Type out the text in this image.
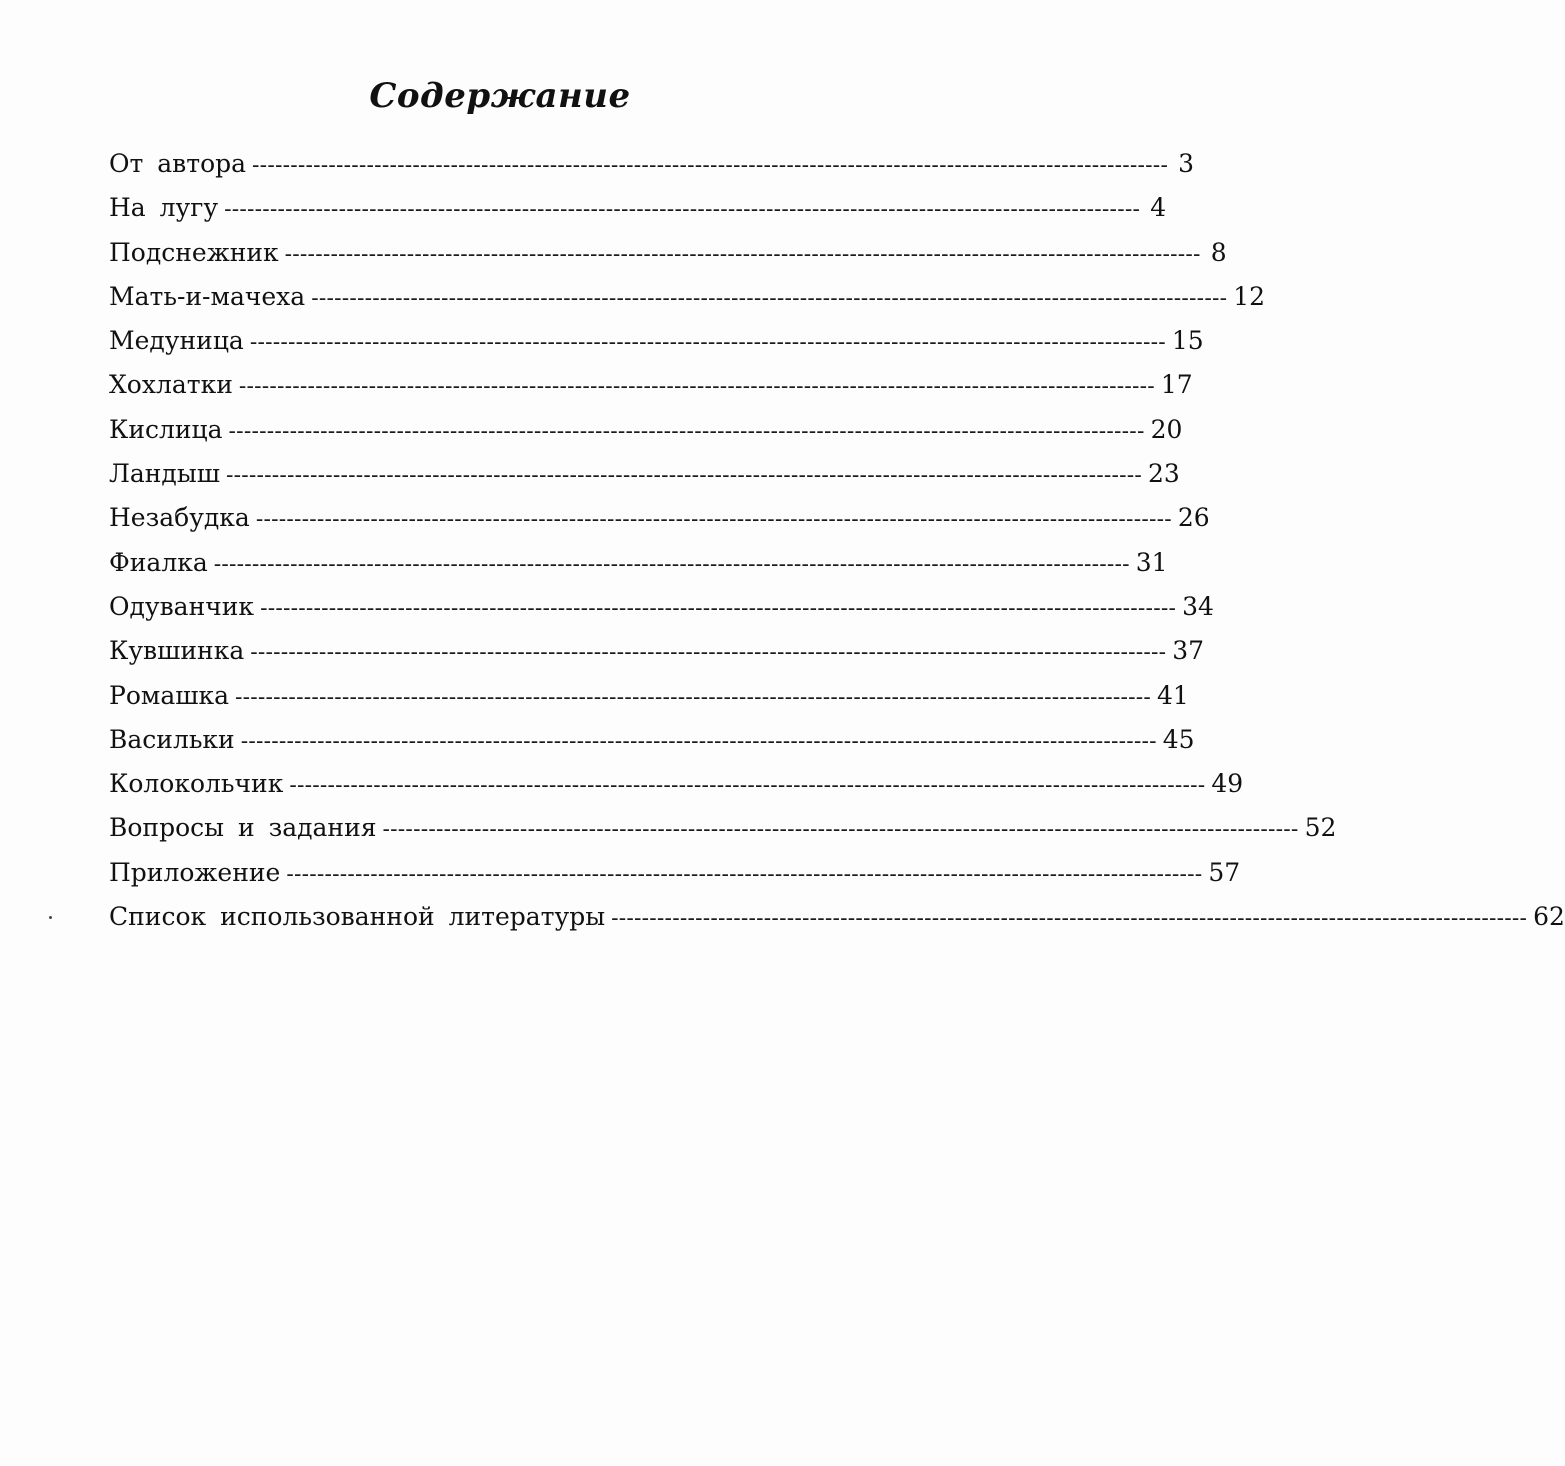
Содержание
От автора ------------------------------------------------------------------------------------------------------------------------ 3
На лугу ------------------------------------------------------------------------------------------------------------------------ 4
Подснежник ------------------------------------------------------------------------------------------------------------------------ 8
Мать-и-мачеха ------------------------------------------------------------------------------------------------------------------------ 12
Медуница ------------------------------------------------------------------------------------------------------------------------ 15
Хохлатки ------------------------------------------------------------------------------------------------------------------------ 17
Кислица ------------------------------------------------------------------------------------------------------------------------ 20
Ландыш ------------------------------------------------------------------------------------------------------------------------ 23
Незабудка ------------------------------------------------------------------------------------------------------------------------ 26
Фиалка ------------------------------------------------------------------------------------------------------------------------ 31
Одуванчик ------------------------------------------------------------------------------------------------------------------------ 34
Кувшинка ------------------------------------------------------------------------------------------------------------------------ 37
Ромашка ------------------------------------------------------------------------------------------------------------------------ 41
Васильки ------------------------------------------------------------------------------------------------------------------------ 45
Колокольчик ------------------------------------------------------------------------------------------------------------------------ 49
Вопросы и задания ------------------------------------------------------------------------------------------------------------------------ 52
Приложение ------------------------------------------------------------------------------------------------------------------------ 57
Список использованной литературы ------------------------------------------------------------------------------------------------------------------------ 62
